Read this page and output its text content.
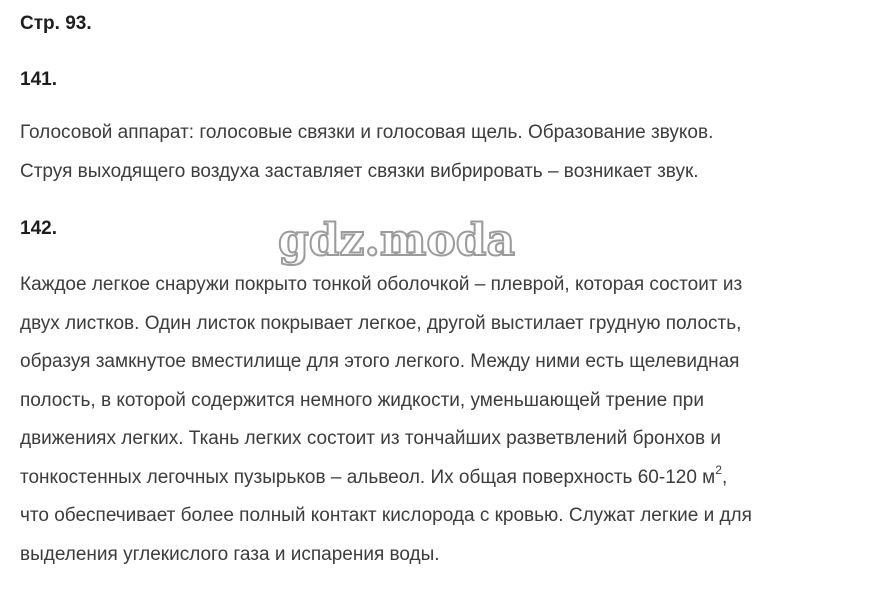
Стр. 93.

141.

Голосовой аппарат: голосовые связки и голосовая щель. Образование звуков.
Струя выходящего воздуха заставляет связки вибрировать – возникает звук.

142.	gdz.moda
Каждое легкое снаружи покрыто тонкой оболочкой – плеврой, которая состоит из
двух листков. Один листок покрывает легкое, другой выстилает грудную полость,
образуя замкнутое вместилище для этого легкого. Между ними есть щелевидная
полость, в которой содержится немного жидкости, уменьшающей трение при
движениях легких. Ткань легких состоит из тончайших разветвлений бронхов и
тонкостенных легочных пузырьков – альвеол. Их общая поверхность 60-120 $м^2$,
что обеспечивает более полный контакт кислорода с кровью. Служат легкие и для
выделения углекислого газа и испарения воды.
